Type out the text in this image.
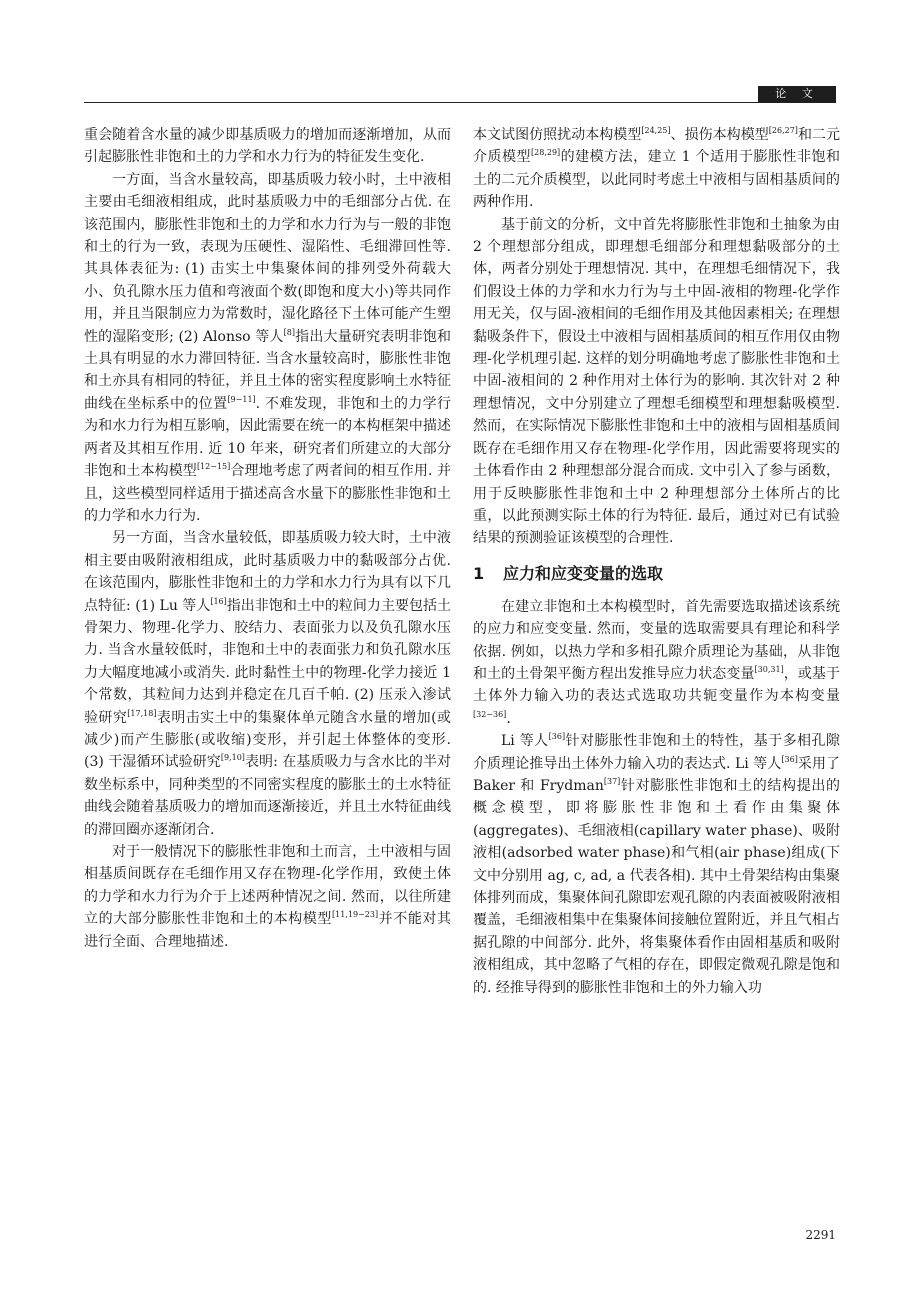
论 文

重会随着含水量的减少即基质吸力的增加而逐渐增加，从而引起膨胀性非饱和土的力学和水力行为的特征发生变化.

一方面，当含水量较高，即基质吸力较小时，土中液相主要由毛细液相组成，此时基质吸力中的毛细部分占优. 在该范围内，膨胀性非饱和土的力学和水力行为与一般的非饱和土的行为一致，表现为压硬性、湿陷性、毛细滞回性等. 其具体表征为: (1) 击实土中集聚体间的排列受外荷载大小、负孔隙水压力值和弯液面个数(即饱和度大小)等共同作用，并且当限制应力为常数时，湿化路径下土体可能产生塑性的湿陷变形; (2) Alonso 等人[8]指出大量研究表明非饱和土具有明显的水力滞回特征. 当含水量较高时，膨胀性非饱和土亦具有相同的特征，并且土体的密实程度影响土水特征曲线在坐标系中的位置[9−11]. 不难发现，非饱和土的力学行为和水力行为相互影响，因此需要在统一的本构框架中描述两者及其相互作用. 近 10 年来，研究者们所建立的大部分非饱和土本构模型[12−15]合理地考虑了两者间的相互作用. 并且，这些模型同样适用于描述高含水量下的膨胀性非饱和土的力学和水力行为.

另一方面，当含水量较低，即基质吸力较大时，土中液相主要由吸附液相组成，此时基质吸力中的黏吸部分占优. 在该范围内，膨胀性非饱和土的力学和水力行为具有以下几点特征: (1) Lu 等人[16]指出非饱和土中的粒间力主要包括土骨架力、物理-化学力、胶结力、表面张力以及负孔隙水压力. 当含水量较低时，非饱和土中的表面张力和负孔隙水压力大幅度地减小或消失. 此时黏性土中的物理-化学力接近 1个常数，其粒间力达到并稳定在几百千帕. (2) 压汞入渗试验研究[17,18]表明击实土中的集聚体单元随含水量的增加(或减少)而产生膨胀(或收缩)变形，并引起土体整体的变形. (3) 干湿循环试验研究[9,10]表明: 在基质吸力与含水比的半对数坐标系中，同种类型的不同密实程度的膨胀土的土水特征曲线会随着基质吸力的增加而逐渐接近，并且土水特征曲线的滞回圈亦逐渐闭合.

对于一般情况下的膨胀性非饱和土而言，土中液相与固相基质间既存在毛细作用又存在物理-化学作用，致使土体的力学和水力行为介于上述两种情况之间. 然而，以往所建立的大部分膨胀性非饱和土的本构模型[11,19−23]并不能对其进行全面、合理地描述.

本文试图仿照扰动本构模型[24,25]、损伤本构模型[26,27]和二元介质模型[28,29]的建模方法，建立 1 个适用于膨胀性非饱和土的二元介质模型，以此同时考虑土中液相与固相基质间的两种作用.

基于前文的分析，文中首先将膨胀性非饱和土抽象为由 2 个理想部分组成，即理想毛细部分和理想黏吸部分的土体，两者分别处于理想情况. 其中，在理想毛细情况下，我们假设土体的力学和水力行为与土中固-液相的物理-化学作用无关，仅与固-液相间的毛细作用及其他因素相关; 在理想黏吸条件下，假设土中液相与固相基质间的相互作用仅由物理-化学机理引起. 这样的划分明确地考虑了膨胀性非饱和土中固-液相间的 2 种作用对土体行为的影响. 其次针对 2 种理想情况，文中分别建立了理想毛细模型和理想黏吸模型. 然而，在实际情况下膨胀性非饱和土中的液相与固相基质间既存在毛细作用又存在物理-化学作用，因此需要将现实的土体看作由 2 种理想部分混合而成. 文中引入了参与函数，用于反映膨胀性非饱和土中 2 种理想部分土体所占的比重，以此预测实际土体的行为特征. 最后，通过对已有试验结果的预测验证该模型的合理性.

1 应力和应变变量的选取

在建立非饱和土本构模型时，首先需要选取描述该系统的应力和应变变量. 然而，变量的选取需要具有理论和科学依据. 例如，以热力学和多相孔隙介质理论为基础，从非饱和土的土骨架平衡方程出发推导应力状态变量[30,31]，或基于土体外力输入功的表达式选取功共轭变量作为本构变量[32−36].

Li 等人[36]针对膨胀性非饱和土的特性，基于多相孔隙介质理论推导出土体外力输入功的表达式. Li 等人[36]采用了 Baker 和 Frydman[37]针对膨胀性非饱和土的结构提出的概念模型，即将膨胀性非饱和土看作由集聚体(aggregates)、毛细液相(capillary water phase)、吸附液相(adsorbed water phase)和气相(air phase)组成(下文中分别用 ag, c, ad, a 代表各相). 其中土骨架结构由集聚体排列而成，集聚体间孔隙即宏观孔隙的内表面被吸附液相覆盖，毛细液相集中在集聚体间接触位置附近，并且气相占据孔隙的中间部分. 此外，将集聚体看作由固相基质和吸附液相组成，其中忽略了气相的存在，即假定微观孔隙是饱和的. 经推导得到的膨胀性非饱和土的外力输入功

2291
